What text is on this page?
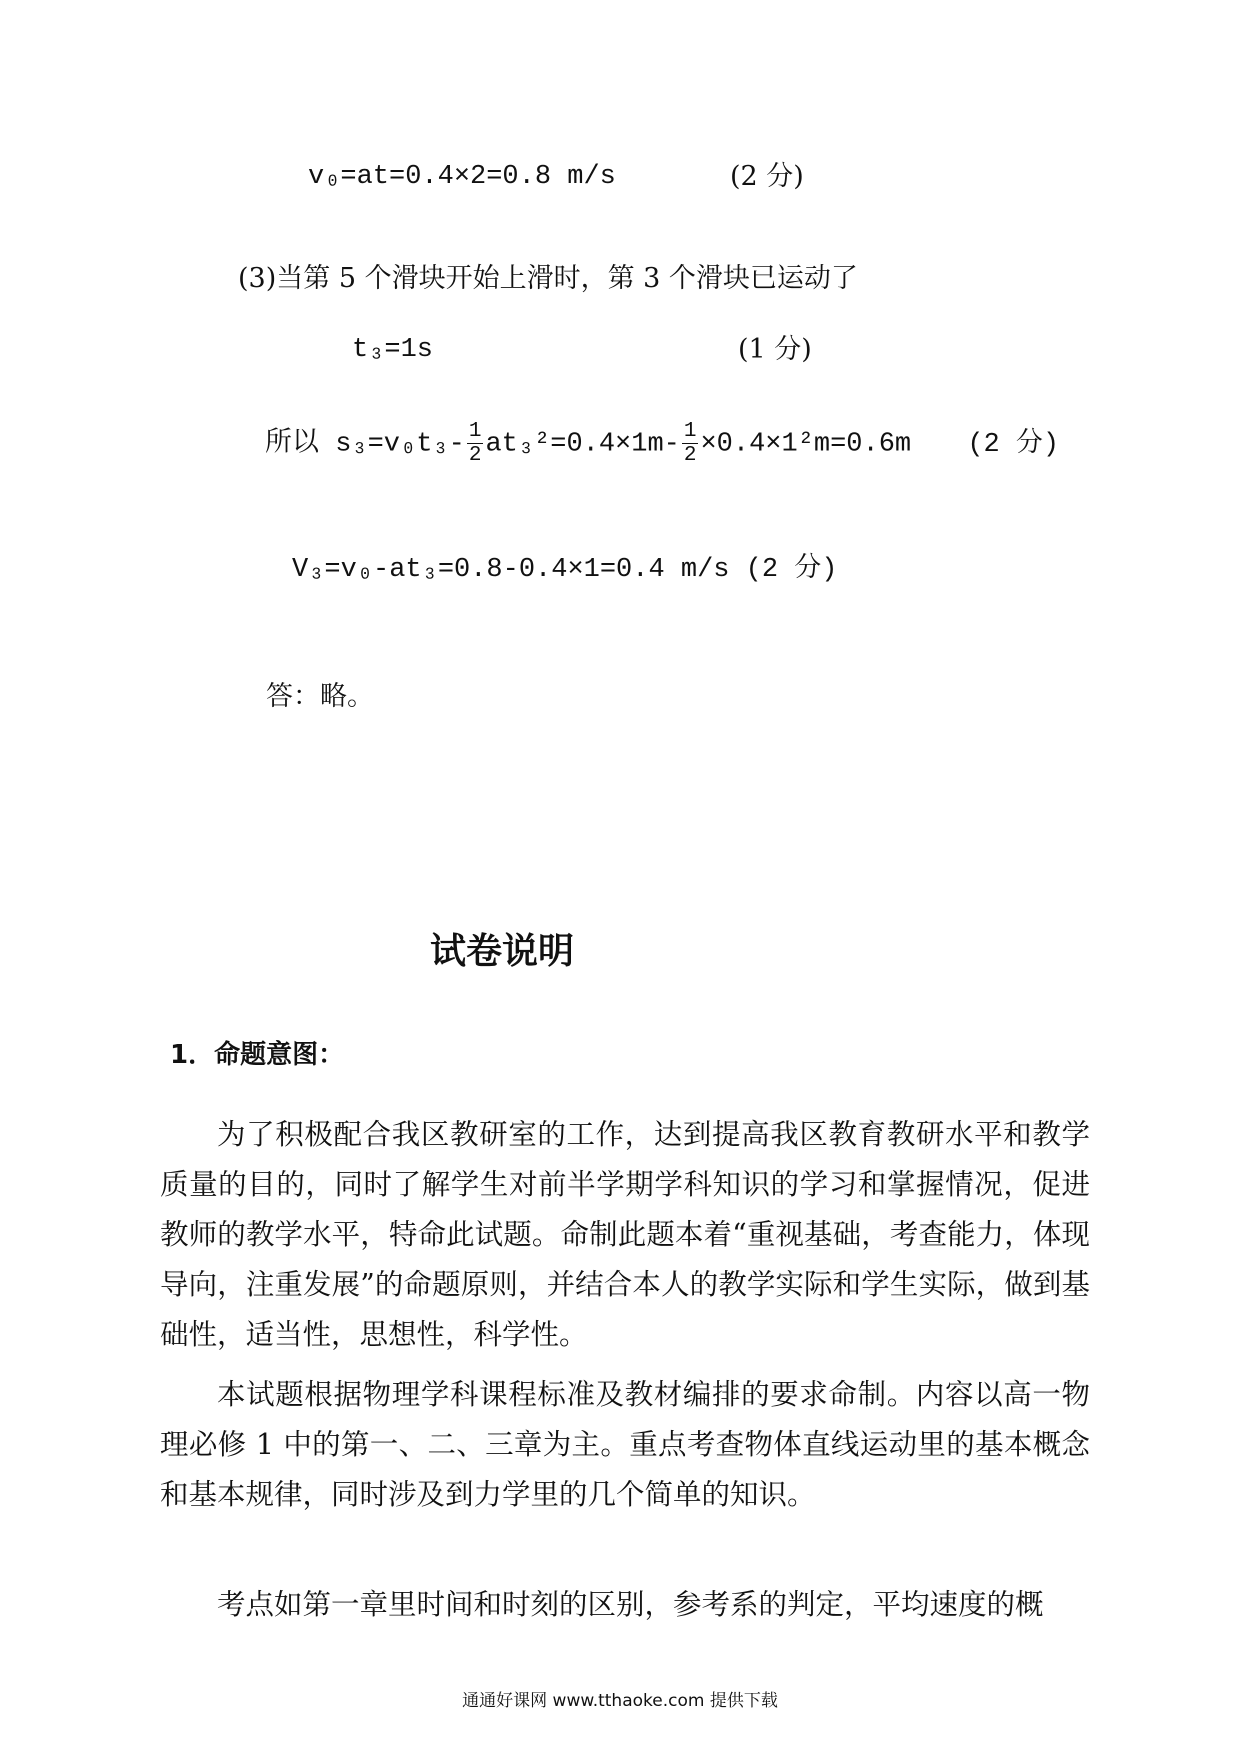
v₀=at=0.4×2=0.8 m/s	(2 分)
(3)当第 5 个滑块开始上滑时，第 3 个滑块已运动了
t₃=1s	(1 分)
所以 $s_3=v_0t_3- \frac{1}{2} at_3^2=0.4\times 1m- \frac{1}{2} \times 0.4\times 1^2m=0.6m$ (2 分)
V₃=v₀-at₃=0.8-0.4×1=0.4 m/s (2 分)
答：略。
试卷说明
1．命题意图：

为了积极配合我区教研室的工作，达到提高我区教育教研水平和教学质量的目的，同时了解学生对前半学期学科知识的学习和掌握情况，促进教师的教学水平，特命此试题。命制此题本着“重视基础，考查能力，体现导向，注重发展”的命题原则，并结合本人的教学实际和学生实际，做到基础性，适当性，思想性，科学性。

本试题根据物理学科课程标准及教材编排的要求命制。内容以高一物理必修 1 中的第一、二、三章为主。重点考查物体直线运动里的基本概念和基本规律，同时涉及到力学里的几个简单的知识。

考点如第一章里时间和时刻的区别，参考系的判定，平均速度的概

通通好课网 www.tthaoke.com 提供下载
